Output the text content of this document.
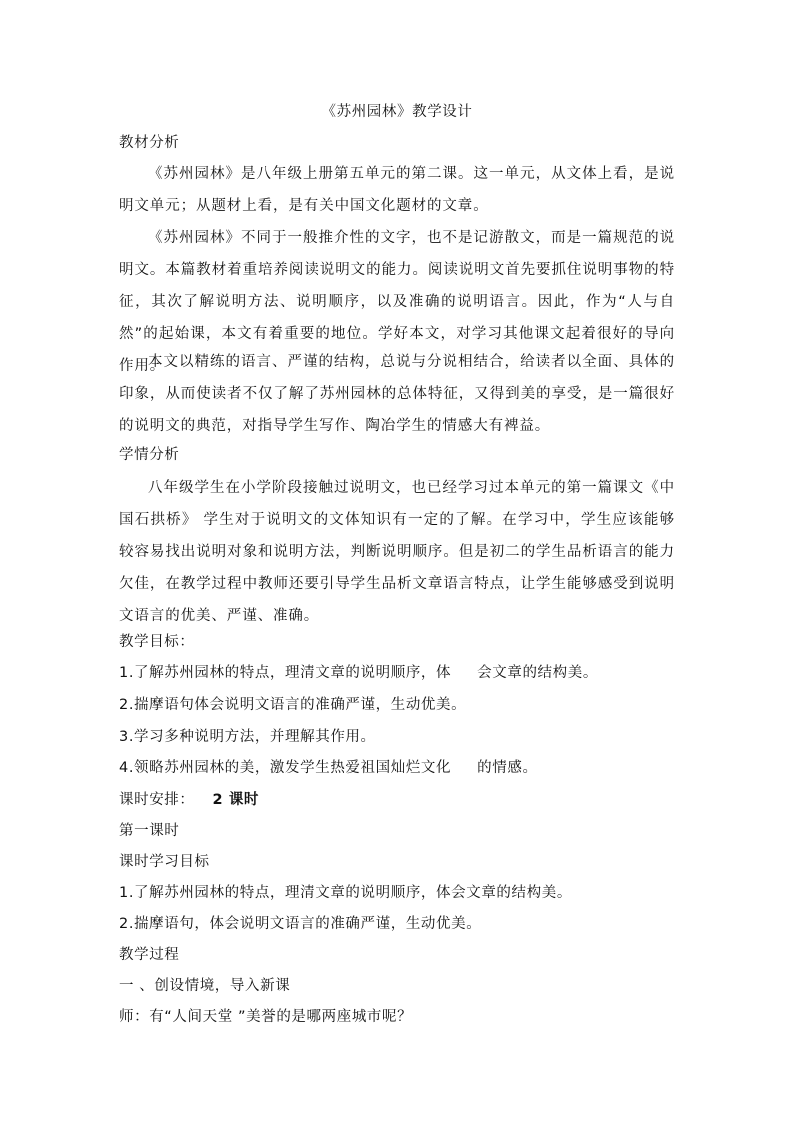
《苏州园林》教学设计
教材分析

《苏州园林》是八年级上册第五单元的第二课。这一单元，从文体上看，是说明文单元；从题材上看，是有关中国文化题材的文章。

《苏州园林》不同于一般推介性的文字，也不是记游散文，而是一篇规范的说明文。本篇教材着重培养阅读说明文的能力。阅读说明文首先要抓住说明事物的特征，其次了解说明方法、说明顺序，以及准确的说明语言。因此，作为“人与自然”的起始课，本文有着重要的地位。学好本文，对学习其他课文起着很好的导向作用。

本文以精练的语言、严谨的结构，总说与分说相结合，给读者以全面、具体的印象，从而使读者不仅了解了苏州园林的总体特征，又得到美的享受，是一篇很好的说明文的典范，对指导学生写作、陶冶学生的情感大有裨益。

学情分析

八年级学生在小学阶段接触过说明文，也已经学习过本单元的第一篇课文《中国石拱桥》 学生对于说明文的文体知识有一定的了解。在学习中，学生应该能够较容易找出说明对象和说明方法，判断说明顺序。但是初二的学生品析语言的能力欠佳，在教学过程中教师还要引导学生品析文章语言特点，让学生能够感受到说明文语言的优美、严谨、准确。

教学目标：
1.了解苏州园林的特点，理清文章的说明顺序，体 会文章的结构美。
2.揣摩语句体会说明文语言的准确严谨，生动优美。
3.学习多种说明方法，并理解其作用。
4.领略苏州园林的美，激发学生热爱祖国灿烂文化 的情感。
课时安排： 2 课时
第一课时
课时学习目标
1.了解苏州园林的特点，理清文章的说明顺序，体会文章的结构美。
2.揣摩语句，体会说明文语言的准确严谨，生动优美。
教学过程
一 、创设情境，导入新课
师：有“人间天堂 ”美誉的是哪两座城市呢？
